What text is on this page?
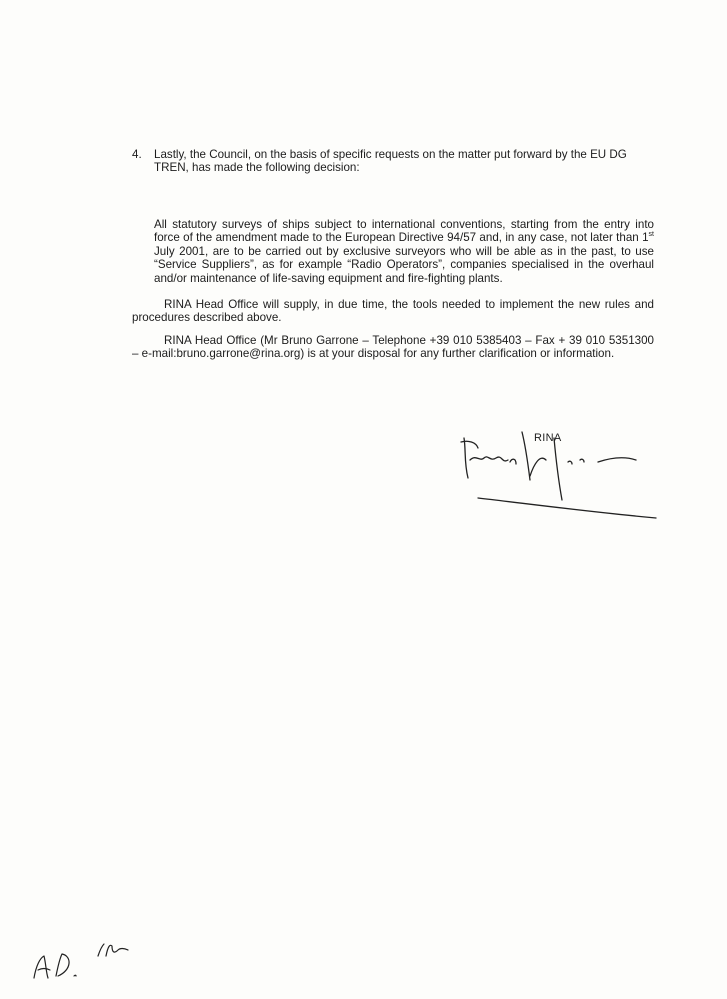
4. Lastly, the Council, on the basis of specific requests on the matter put forward by the EU DG TREN, has made the following decision:
All statutory surveys of ships subject to international conventions, starting from the entry into force of the amendment made to the European Directive 94/57 and, in any case, not later than 1st July 2001, are to be carried out by exclusive surveyors who will be able as in the past, to use “Service Suppliers”, as for example “Radio Operators”, companies specialised in the overhaul and/or maintenance of life-saving equipment and fire-fighting plants.
RINA Head Office will supply, in due time, the tools needed to implement the new rules and procedures described above.
RINA Head Office (Mr Bruno Garrone – Telephone +39 010 5385403 – Fax + 39 010 5351300 – e-mail:bruno.garrone@rina.org) is at your disposal for any further clarification or information.
RINA
